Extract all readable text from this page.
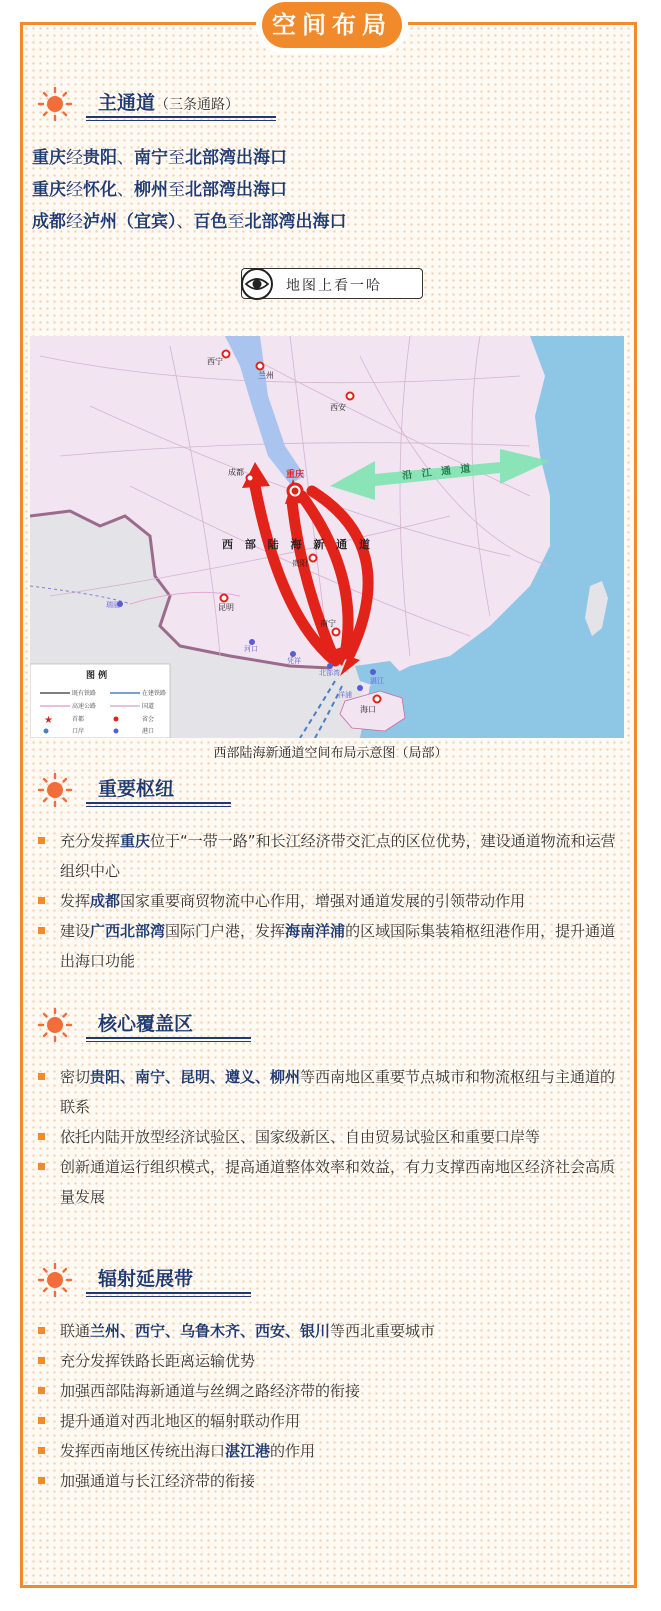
空间布局
主通道（三条通路）
重庆经贵阳、南宁至北部湾出海口
重庆经怀化、柳州至北部湾出海口
成都经泸州（宜宾）、百色至北部湾出海口
地图上看一哈
★
西宁
兰州
西安
成都	重庆
贵阳
昆明
南宁
瑞丽
河口
凭祥
北部湾
湛江
洋浦
海口
西 部 陆 海 新 通 道
沿 江 通 道
图 例
既有铁路	在建铁路
高速公路	国道
首都	省会
口岸	港口
西部陆海新通道空间布局示意图（局部）
重要枢纽
充分发挥重庆位于“一带一路”和长江经济带交汇点的区位优势，建设通道物流和运营组织中心
发挥成都国家重要商贸物流中心作用，增强对通道发展的引领带动作用
建设广西北部湾国际门户港，发挥海南洋浦的区域国际集装箱枢纽港作用，提升通道出海口功能
核心覆盖区
密切贵阳、南宁、昆明、遵义、柳州等西南地区重要节点城市和物流枢纽与主通道的联系
依托内陆开放型经济试验区、国家级新区、自由贸易试验区和重要口岸等
创新通道运行组织模式，提高通道整体效率和效益，有力支撑西南地区经济社会高质量发展
辐射延展带
联通兰州、西宁、乌鲁木齐、西安、银川等西北重要城市
充分发挥铁路长距离运输优势
加强西部陆海新通道与丝绸之路经济带的衔接
提升通道对西北地区的辐射联动作用
发挥西南地区传统出海口湛江港的作用
加强通道与长江经济带的衔接
